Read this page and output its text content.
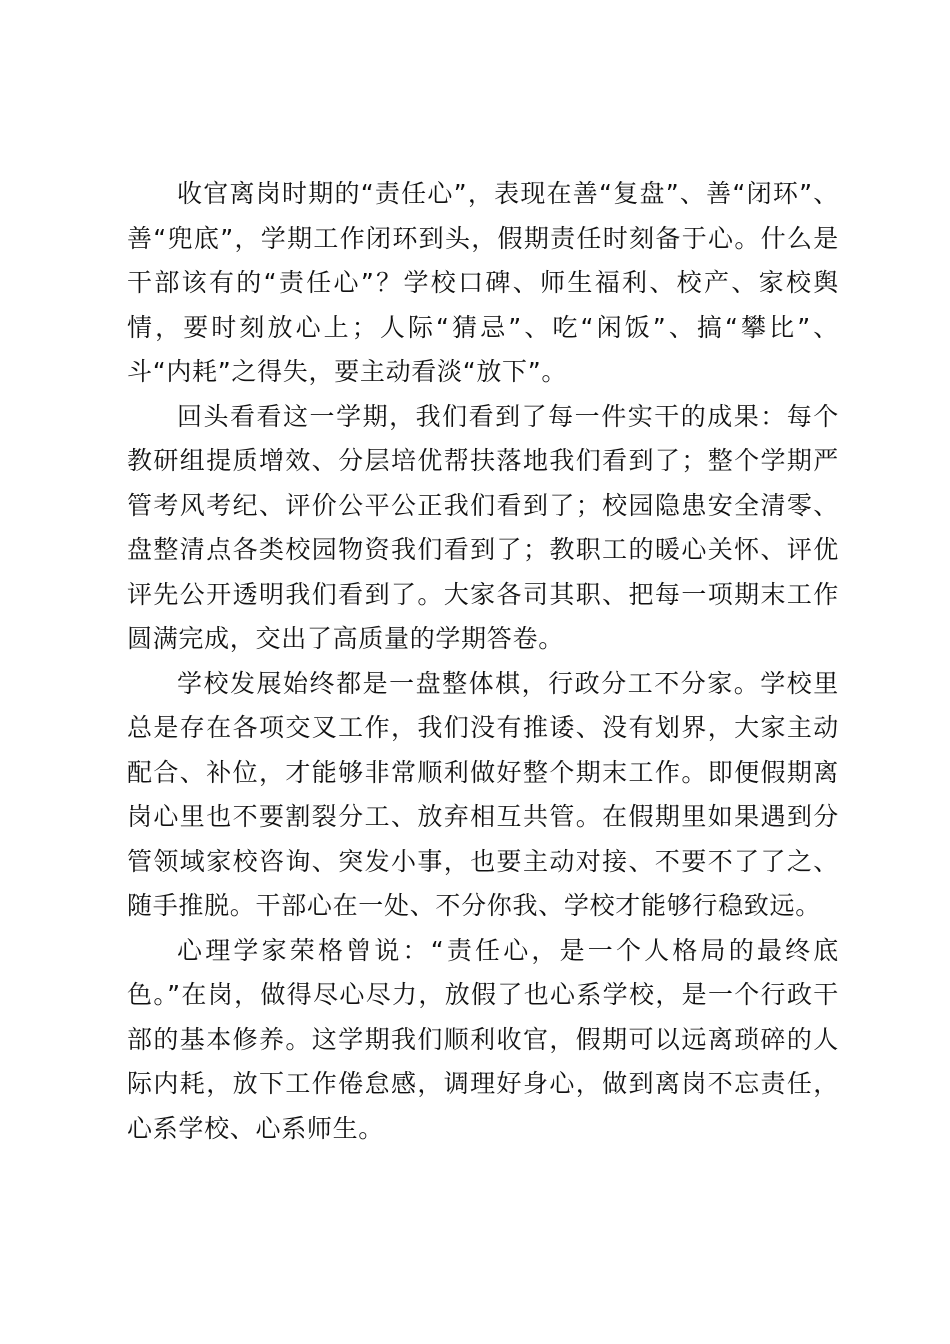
收官离岗时期的“责任心”，表现在善“复盘”、善“闭环”、善“兜底”，学期工作闭环到头，假期责任时刻备于心。什么是干部该有的“责任心”？学校口碑、师生福利、校产、家校舆情，要时刻放心上；人际“猜忌”、吃“闲饭”、搞“攀比”、斗“内耗”之得失，要主动看淡“放下”。

回头看看这一学期，我们看到了每一件实干的成果：每个教研组提质增效、分层培优帮扶落地我们看到了；整个学期严管考风考纪、评价公平公正我们看到了；校园隐患安全清零、盘整清点各类校园物资我们看到了；教职工的暖心关怀、评优评先公开透明我们看到了。大家各司其职、把每一项期末工作圆满完成，交出了高质量的学期答卷。

学校发展始终都是一盘整体棋，行政分工不分家。学校里总是存在各项交叉工作，我们没有推诿、没有划界，大家主动配合、补位，才能够非常顺利做好整个期末工作。即便假期离岗心里也不要割裂分工、放弃相互共管。在假期里如果遇到分管领域家校咨询、突发小事，也要主动对接、不要不了了之、随手推脱。干部心在一处、不分你我、学校才能够行稳致远。

心理学家荣格曾说：“责任心，是一个人格局的最终底色。”在岗，做得尽心尽力，放假了也心系学校，是一个行政干部的基本修养。这学期我们顺利收官，假期可以远离琐碎的人际内耗，放下工作倦怠感，调理好身心，做到离岗不忘责任，心系学校、心系师生。
